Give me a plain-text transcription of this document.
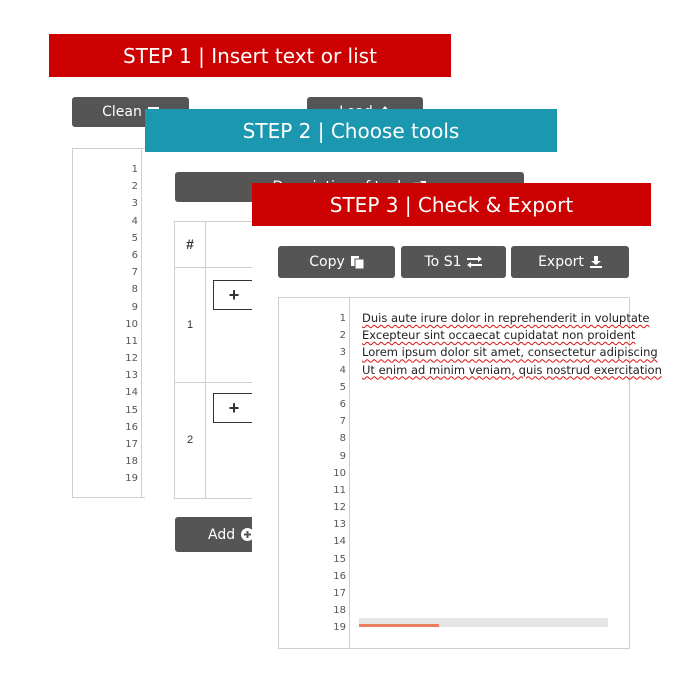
STEP 1 | Insert text or list
Clean
1
2
3
4
5
6
7
8
9
10
11
12
13
14
15
16
17
18
19
STEP 2 | Choose tools
#
1
+
2
+
Add
STEP 3 | Check & Export
Copy	To S1	Export
1
2
3
4
5
6
7
8
9
10
11
12
13
14
15
16
17
18
19
Duis aute irure dolor in reprehenderit in voluptate
Excepteur sint occaecat cupidatat non proident
Lorem ipsum dolor sit amet, consectetur adipiscing
Ut enim ad minim veniam, quis nostrud exercitation
